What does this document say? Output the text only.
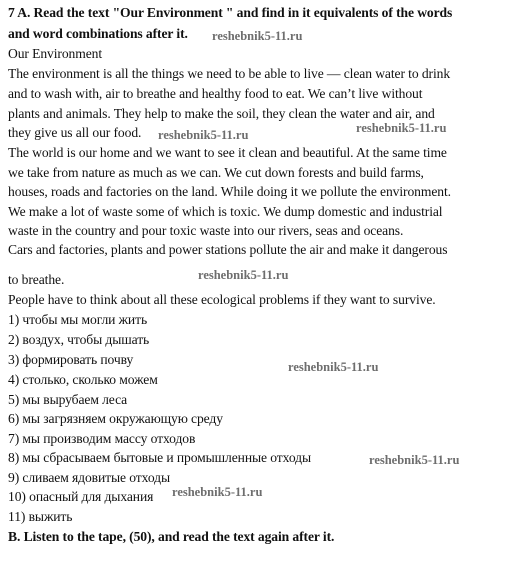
7 A. Read the text "Our Environment " and find in it equivalents of the words
and word combinations after it.
Our Environment
The environment is all the things we need to be able to live — clean water to drink
and to wash with, air to breathe and healthy food to eat. We can’t live without
plants and animals. They help to make the soil, they clean the water and air, and
they give us all our food.
The world is our home and we want to see it clean and beautiful. At the same time
we take from nature as much as we can. We cut down forests and build farms,
houses, roads and factories on the land. While doing it we pollute the environment.
We make a lot of waste some of which is toxic. We dump domestic and industrial
waste in the country and pour toxic waste into our rivers, seas and oceans.
Cars and factories, plants and power stations pollute the air and make it dangerous
to breathe.
People have to think about all these ecological problems if they want to survive.
1) чтобы мы могли жить
2) воздух, чтобы дышать
3) формировать почву
4) столько, сколько можем
5) мы вырубаем леса
6) мы загрязняем окружающую среду
7) мы производим массу отходов
8) мы сбрасываем бытовые и промышленные отходы
9) сливаем ядовитые отходы
10) опасный для дыхания
11) выжить
B. Listen to the tape, (50), and read the text again after it.
reshebnik5-11.ru
reshebnik5-11.ru	reshebnik5-11.ru
reshebnik5-11.ru
reshebnik5-11.ru
reshebnik5-11.ru
reshebnik5-11.ru
